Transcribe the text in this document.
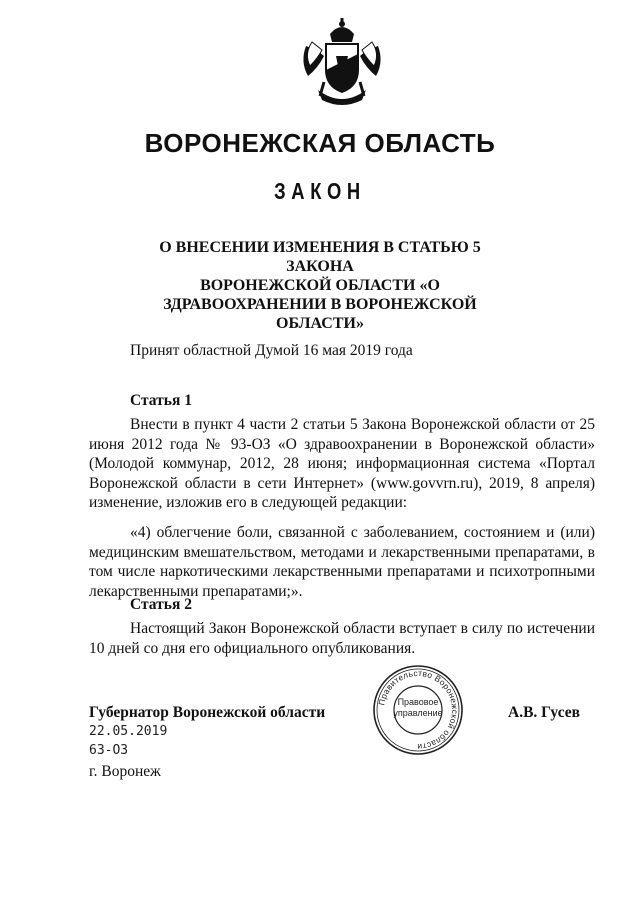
ВОРОНЕЖСКАЯ ОБЛАСТЬ
ЗАКОН
О ВНЕСЕНИИ ИЗМЕНЕНИЯ В СТАТЬЮ 5 ЗАКОНА
ВОРОНЕЖСКОЙ ОБЛАСТИ «О
ЗДРАВООХРАНЕНИИ В ВОРОНЕЖСКОЙ
ОБЛАСТИ»
Принят областной Думой 16 мая 2019 года
Статья 1
Внести в пункт 4 части 2 статьи 5 Закона Воронежской области от 25 июня 2012 года № 93-ОЗ «О здравоохранении в Воронежской области» (Молодой коммунар, 2012, 28 июня; информационная система «Портал Воронежской области в сети Интернет» (www.govvrn.ru), 2019, 8 апреля) изменение, изложив его в следующей редакции:
«4) облегчение боли, связанной с заболеванием, состоянием и (или) медицинским вмешательством, методами и лекарственными препаратами, в том числе наркотическими лекарственными препаратами и психотропными лекарственными препаратами;».
Статья 2
Настоящий Закон Воронежской области вступает в силу по истечении 10 дней со дня его официального опубликования.
Губернатор Воронежской области	А.В. Гусев
22.05.2019
63-ОЗ
г. Воронеж
Правительство Воронежской области
Правовое
управление
